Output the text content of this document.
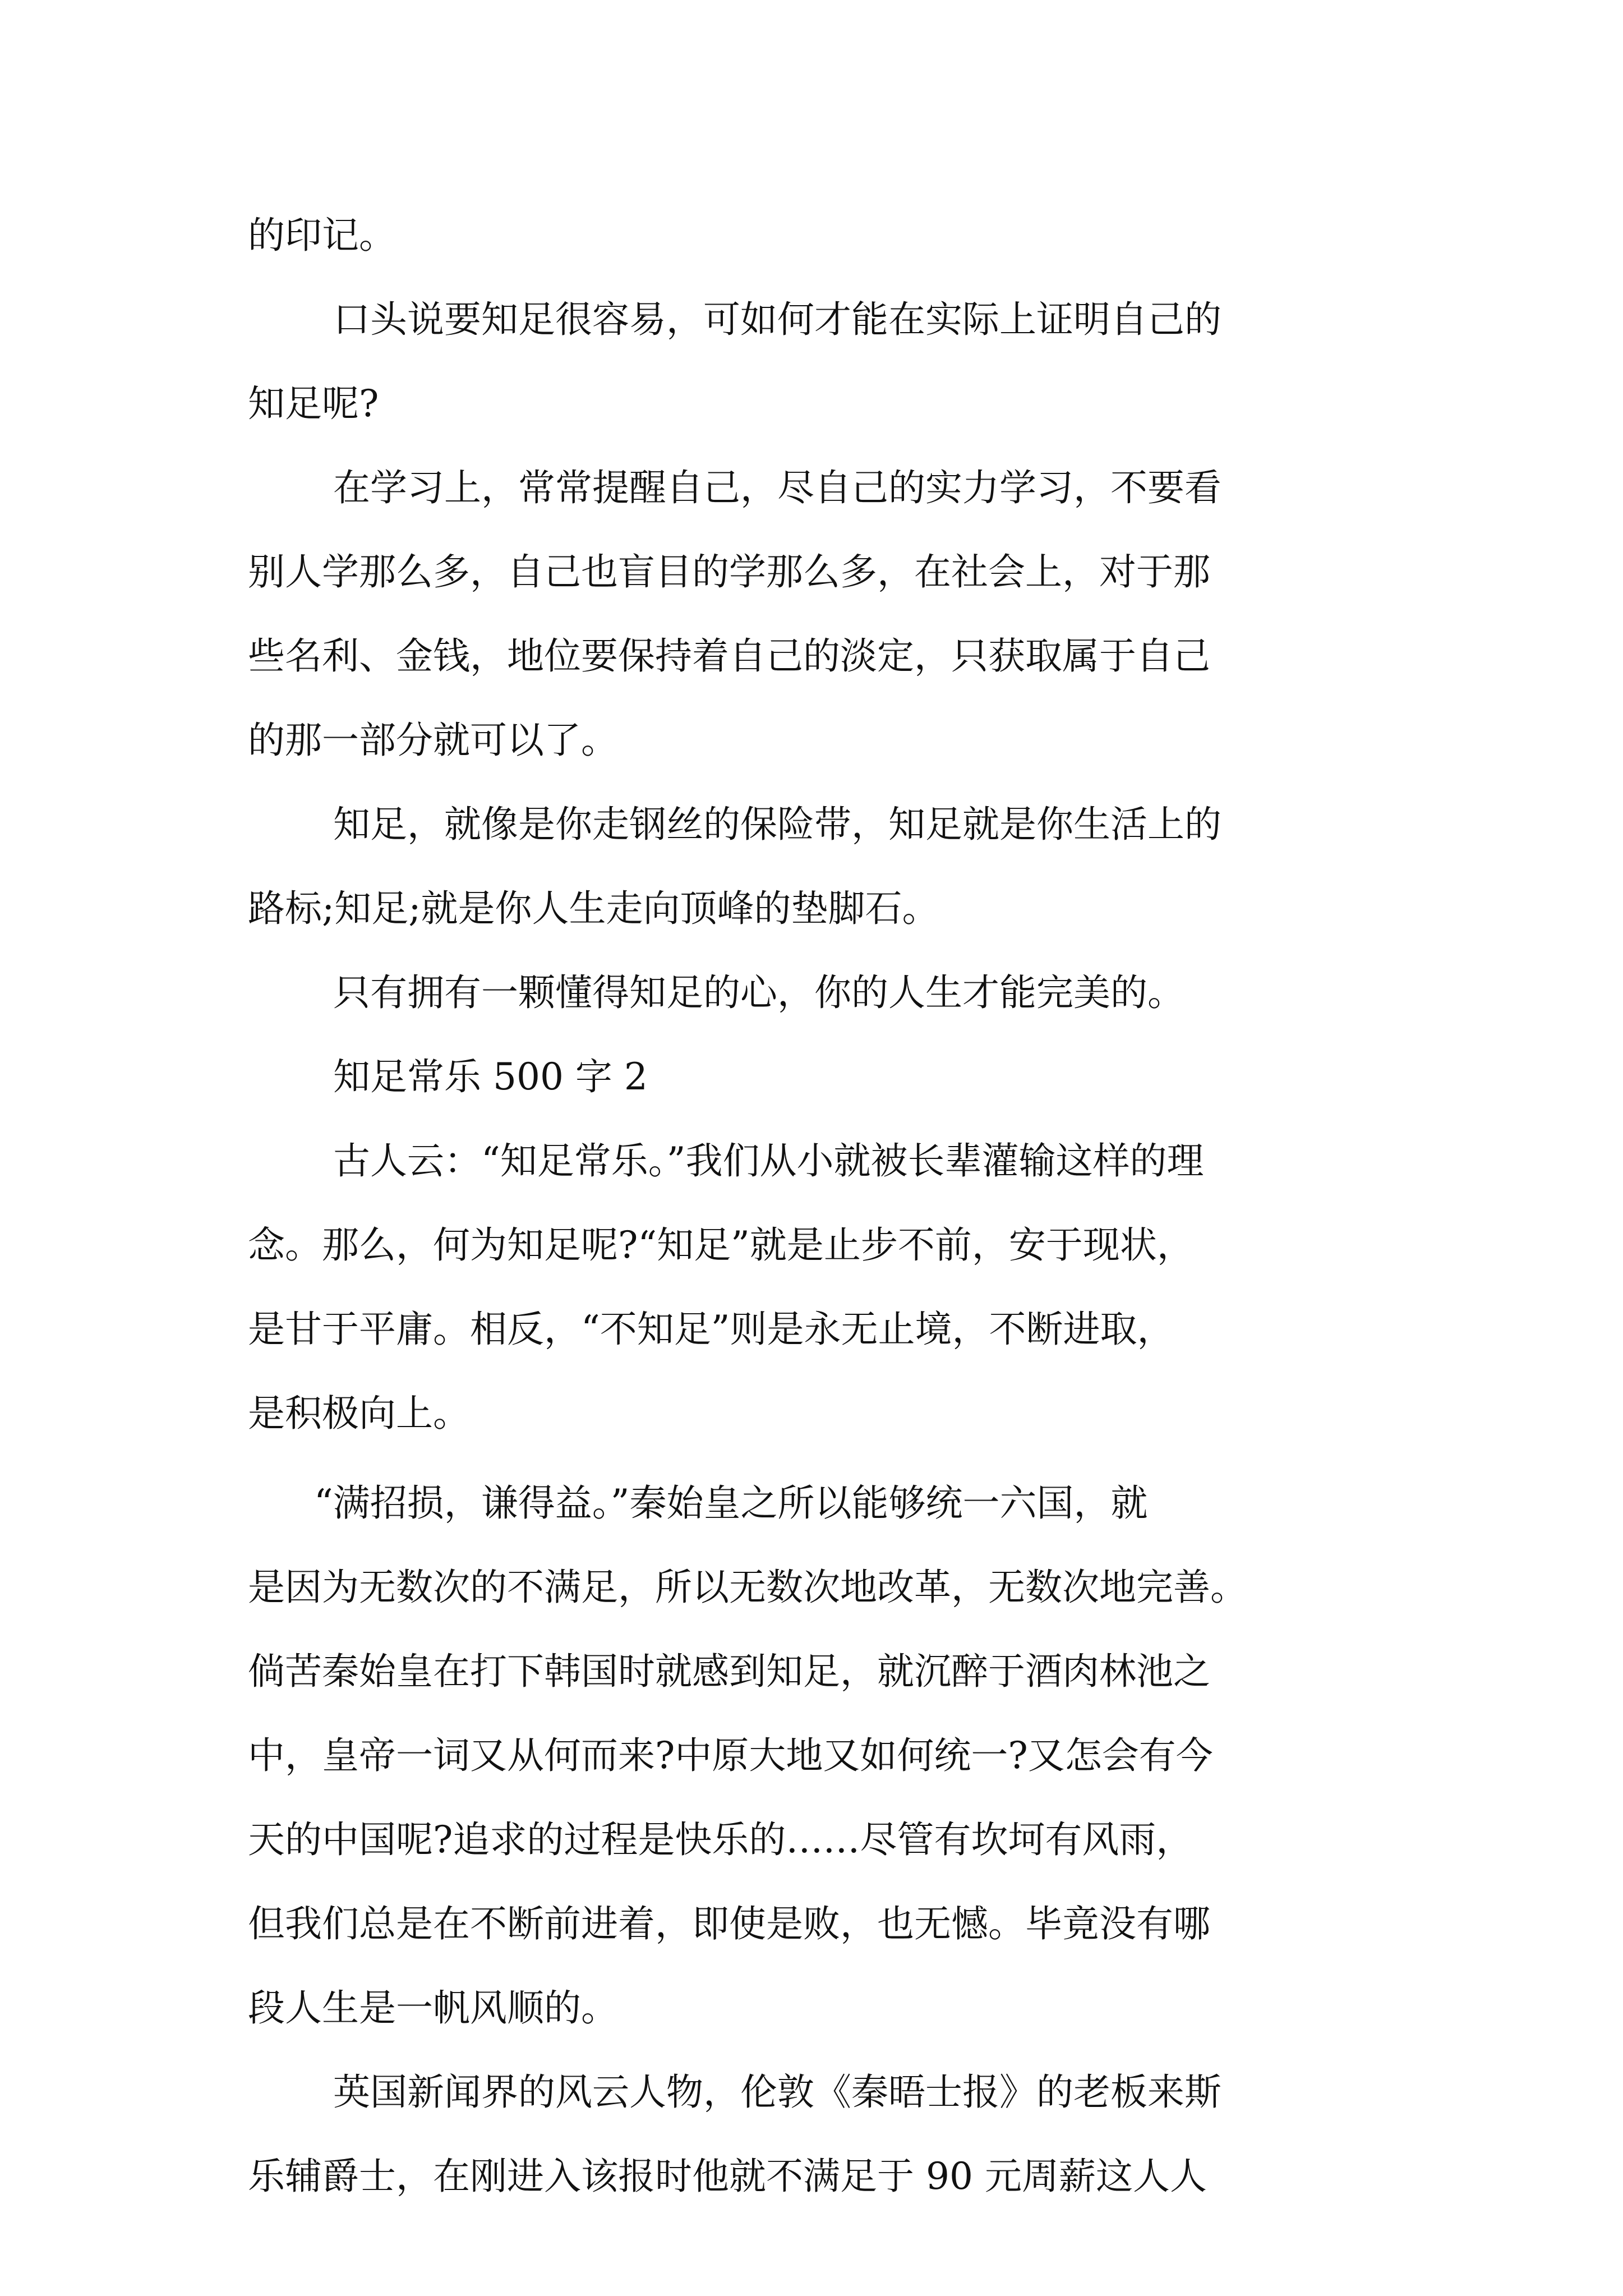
的印记。
口头说要知足很容易，可如何才能在实际上证明自己的
知足呢?
在学习上，常常提醒自己，尽自己的实力学习，不要看
别人学那么多，自己也盲目的学那么多，在社会上，对于那
些名利、金钱，地位要保持着自己的淡定，只获取属于自己
的那一部分就可以了。
知足，就像是你走钢丝的保险带，知足就是你生活上的
路标;知足;就是你人生走向顶峰的垫脚石。
只有拥有一颗懂得知足的心，你的人生才能完美的。
知足常乐 500 字 2
古人云：“知足常乐。”我们从小就被长辈灌输这样的理
念。那么，何为知足呢?“知足”就是止步不前，安于现状，
是甘于平庸。相反，“不知足”则是永无止境，不断进取，
是积极向上。
“满招损，谦得益。”秦始皇之所以能够统一六国，就
是因为无数次的不满足，所以无数次地改革，无数次地完善。
倘苦秦始皇在打下韩国时就感到知足，就沉醉于酒肉林池之
中，皇帝一词又从何而来?中原大地又如何统一?又怎会有今
天的中国呢?追求的过程是快乐的……尽管有坎坷有风雨，
但我们总是在不断前进着，即使是败，也无憾。毕竟没有哪
段人生是一帆风顺的。
英国新闻界的风云人物，伦敦《秦晤士报》的老板来斯
乐辅爵士，在刚进入该报时他就不满足于 90 元周薪这人人
